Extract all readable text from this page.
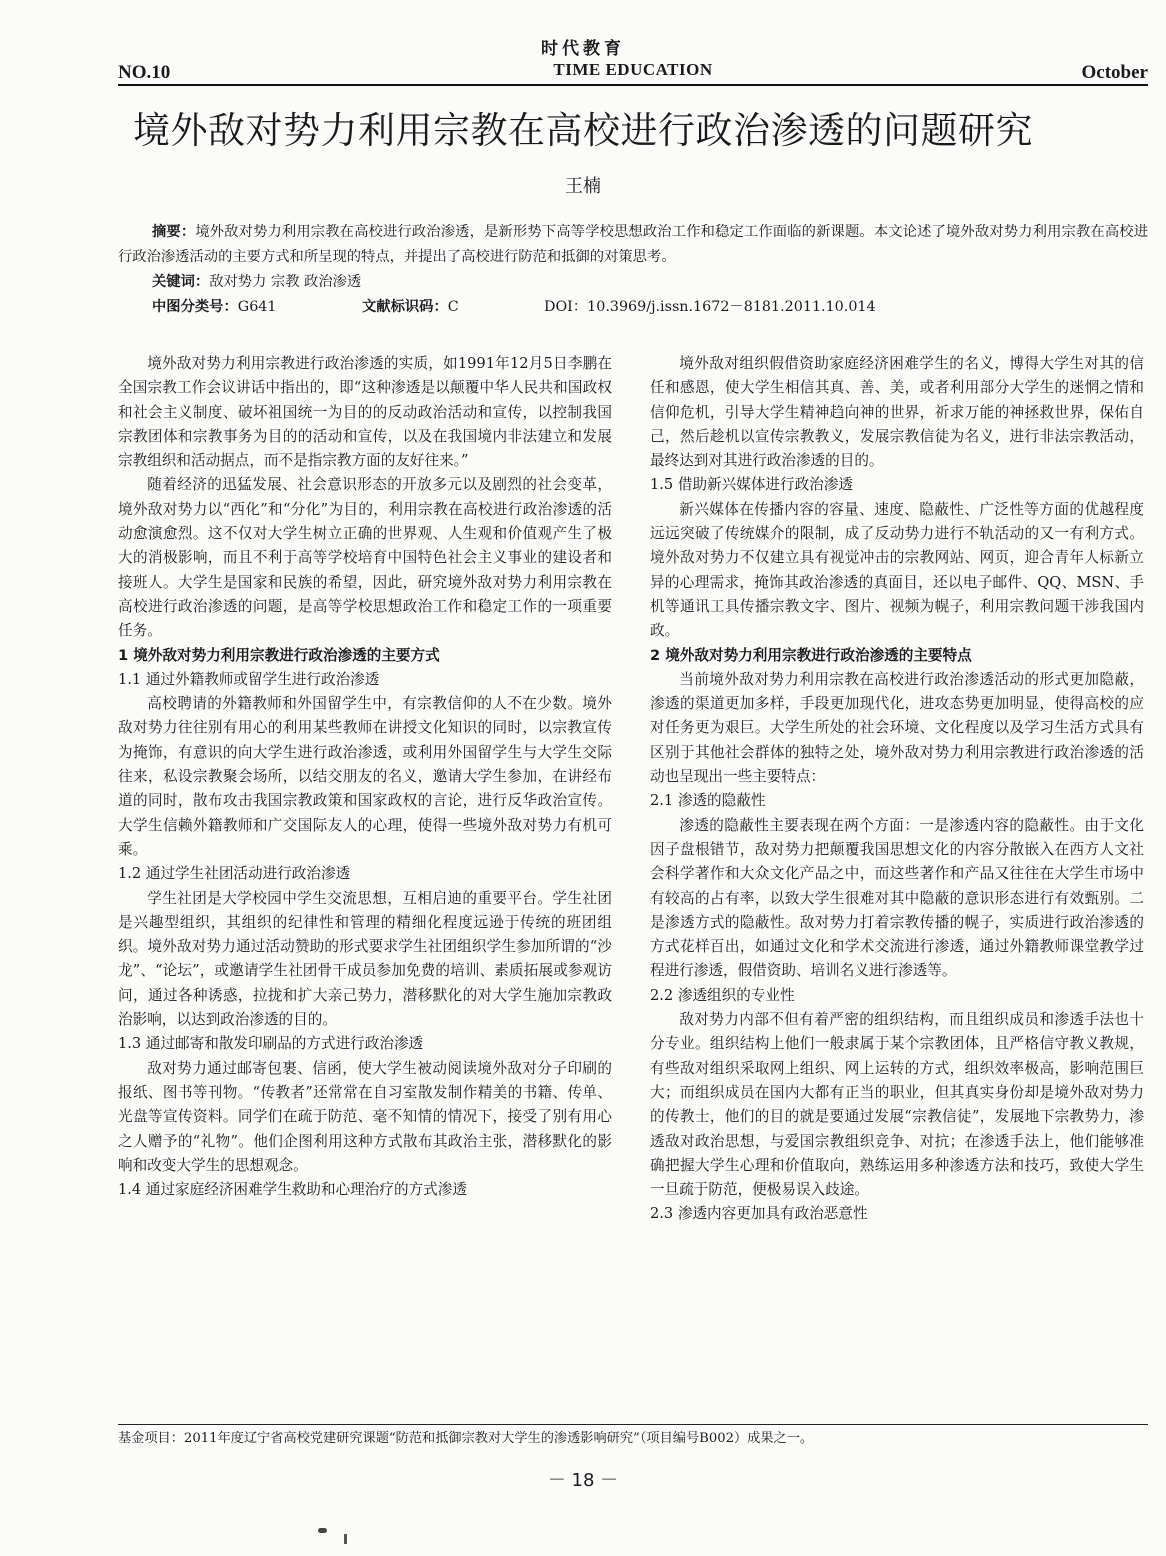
时代教育
NO.10	TIME EDUCATION	October
境外敌对势力利用宗教在高校进行政治渗透的问题研究
王楠

摘要：境外敌对势力利用宗教在高校进行政治渗透，是新形势下高等学校思想政治工作和稳定工作面临的新课题。本文论述了境外敌对势力利用宗教在高校进行政治渗透活动的主要方式和所呈现的特点，并提出了高校进行防范和抵御的对策思考。

关键词：敌对势力 宗教 政治渗透

中图分类号：G641	文献标识码：C	DOI：10.3969/j.issn.1672－8181.2011.10.014

境外敌对势力利用宗教进行政治渗透的实质，如1991年12月5日李鹏在全国宗教工作会议讲话中指出的，即“这种渗透是以颠覆中华人民共和国政权和社会主义制度、破坏祖国统一为目的的反动政治活动和宣传，以控制我国宗教团体和宗教事务为目的的活动和宣传，以及在我国境内非法建立和发展宗教组织和活动据点，而不是指宗教方面的友好往来。”

随着经济的迅猛发展、社会意识形态的开放多元以及剧烈的社会变革，境外敌对势力以“西化”和“分化”为目的，利用宗教在高校进行政治渗透的活动愈演愈烈。这不仅对大学生树立正确的世界观、人生观和价值观产生了极大的消极影响，而且不利于高等学校培育中国特色社会主义事业的建设者和接班人。大学生是国家和民族的希望，因此，研究境外敌对势力利用宗教在高校进行政治渗透的问题，是高等学校思想政治工作和稳定工作的一项重要任务。

1 境外敌对势力利用宗教进行政治渗透的主要方式
1.1 通过外籍教师或留学生进行政治渗透

高校聘请的外籍教师和外国留学生中，有宗教信仰的人不在少数。境外敌对势力往往别有用心的利用某些教师在讲授文化知识的同时，以宗教宣传为掩饰，有意识的向大学生进行政治渗透，或利用外国留学生与大学生交际往来，私设宗教聚会场所，以结交朋友的名义，邀请大学生参加，在讲经布道的同时，散布攻击我国宗教政策和国家政权的言论，进行反华政治宣传。大学生信赖外籍教师和广交国际友人的心理，使得一些境外敌对势力有机可乘。

1.2 通过学生社团活动进行政治渗透

学生社团是大学校园中学生交流思想，互相启迪的重要平台。学生社团是兴趣型组织，其组织的纪律性和管理的精细化程度远逊于传统的班团组织。境外敌对势力通过活动赞助的形式要求学生社团组织学生参加所谓的“沙龙”、“论坛”，或邀请学生社团骨干成员参加免费的培训、素质拓展或参观访问，通过各种诱惑，拉拢和扩大亲己势力，潜移默化的对大学生施加宗教政治影响，以达到政治渗透的目的。

1.3 通过邮寄和散发印刷品的方式进行政治渗透

敌对势力通过邮寄包裹、信函，使大学生被动阅读境外敌对分子印刷的报纸、图书等刊物。“传教者”还常常在自习室散发制作精美的书籍、传单、光盘等宣传资料。同学们在疏于防范、毫不知情的情况下，接受了别有用心之人赠予的“礼物”。他们企图利用这种方式散布其政治主张，潜移默化的影响和改变大学生的思想观念。

1.4 通过家庭经济困难学生救助和心理治疗的方式渗透

境外敌对组织假借资助家庭经济困难学生的名义，博得大学生对其的信任和感恩，使大学生相信其真、善、美，或者利用部分大学生的迷惘之情和信仰危机，引导大学生精神趋向神的世界，祈求万能的神拯救世界，保佑自己，然后趁机以宣传宗教教义，发展宗教信徒为名义，进行非法宗教活动，最终达到对其进行政治渗透的目的。

1.5 借助新兴媒体进行政治渗透

新兴媒体在传播内容的容量、速度、隐蔽性、广泛性等方面的优越程度远远突破了传统媒介的限制，成了反动势力进行不轨活动的又一有利方式。境外敌对势力不仅建立具有视觉冲击的宗教网站、网页，迎合青年人标新立异的心理需求，掩饰其政治渗透的真面目，还以电子邮件、QQ、MSN、手机等通讯工具传播宗教文字、图片、视频为幌子，利用宗教问题干涉我国内政。

2 境外敌对势力利用宗教进行政治渗透的主要特点

当前境外敌对势力利用宗教在高校进行政治渗透活动的形式更加隐蔽，渗透的渠道更加多样，手段更加现代化，进攻态势更加明显，使得高校的应对任务更为艰巨。大学生所处的社会环境、文化程度以及学习生活方式具有区别于其他社会群体的独特之处，境外敌对势力利用宗教进行政治渗透的活动也呈现出一些主要特点：

2.1 渗透的隐蔽性

渗透的隐蔽性主要表现在两个方面：一是渗透内容的隐蔽性。由于文化因子盘根错节，敌对势力把颠覆我国思想文化的内容分散嵌入在西方人文社会科学著作和大众文化产品之中，而这些著作和产品又往往在大学生市场中有较高的占有率，以致大学生很难对其中隐蔽的意识形态进行有效甄别。二是渗透方式的隐蔽性。敌对势力打着宗教传播的幌子，实质进行政治渗透的方式花样百出，如通过文化和学术交流进行渗透，通过外籍教师课堂教学过程进行渗透，假借资助、培训名义进行渗透等。

2.2 渗透组织的专业性

敌对势力内部不但有着严密的组织结构，而且组织成员和渗透手法也十分专业。组织结构上他们一般隶属于某个宗教团体，且严格信守教义教规，有些敌对组织采取网上组织、网上运转的方式，组织效率极高，影响范围巨大；而组织成员在国内大都有正当的职业，但其真实身份却是境外敌对势力的传教士，他们的目的就是要通过发展“宗教信徒”，发展地下宗教势力，渗透敌对政治思想，与爱国宗教组织竞争、对抗；在渗透手法上，他们能够准确把握大学生心理和价值取向，熟练运用多种渗透方法和技巧，致使大学生一旦疏于防范，便极易误入歧途。

2.3 渗透内容更加具有政治恶意性
基金项目：2011年度辽宁省高校党建研究课题“防范和抵御宗教对大学生的渗透影响研究”（项目编号B002）成果之一。
－ 18 －
